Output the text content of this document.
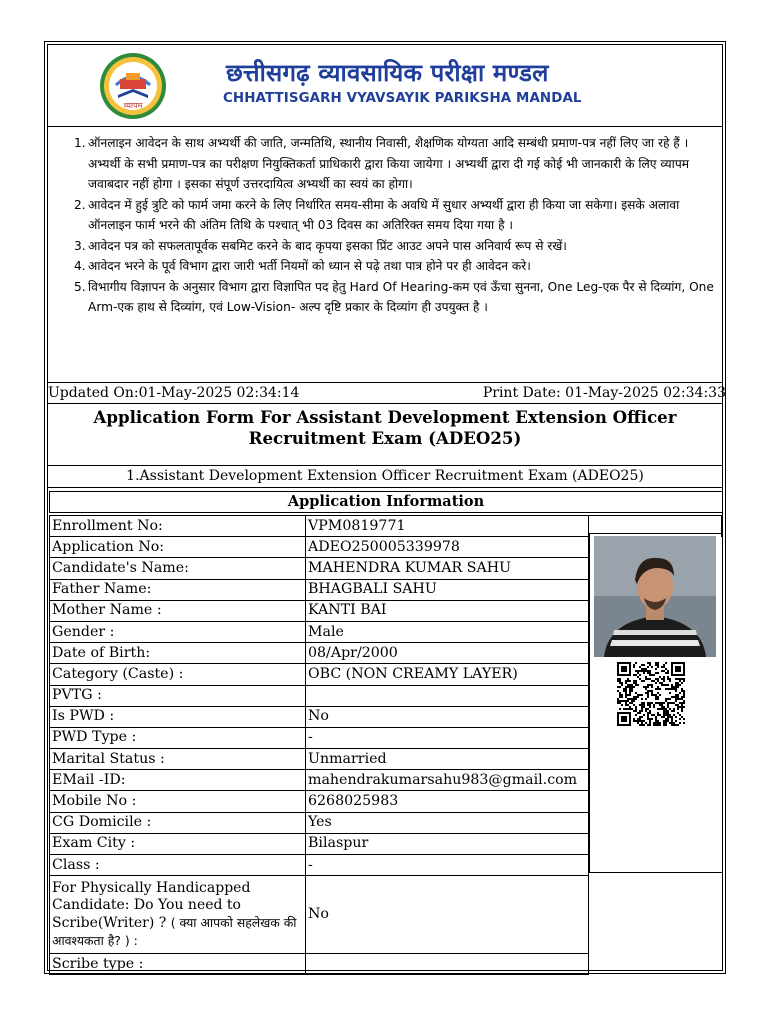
व्यापम
छत्तीसगढ़ व्यावसायिक परीक्षा मण्डल
CHHATTISGARH VYAVSAYIK PARIKSHA MANDAL
1. ऑनलाइन आवेदन के साथ अभ्यर्थी की जाति, जन्मतिथि, स्थानीय निवासी, शैक्षणिक योग्यता आदि सम्बंधी प्रमाण-पत्र नहीं लिए जा रहे हैं । अभ्यर्थी के सभी प्रमाण-पत्र का परीक्षण नियुक्तिकर्ता प्राधिकारी द्वारा किया जायेगा । अभ्यर्थी द्वारा दी गई कोई भी जानकारी के लिए व्यापम जवाबदार नहीं होगा । इसका संपूर्ण उत्तरदायित्व अभ्यर्थी का स्वयं का होगा।
2. आवेदन में हुई त्रुटि को फार्म जमा करने के लिए निर्धारित समय-सीमा के अवधि में सुधार अभ्यर्थी द्वारा ही किया जा सकेगा। इसके अलावा ऑनलाइन फार्म भरने की अंतिम तिथि के पश्चात् भी 03 दिवस का अतिरिक्त समय दिया गया है ।
3. आवेदन पत्र को सफलतापूर्वक सबमिट करने के बाद कृपया इसका प्रिंट आउट अपने पास अनिवार्य रूप से रखें।
4. आवेदन भरने के पूर्व विभाग द्वारा जारी भर्ती नियमों को ध्यान से पढ़े तथा पात्र होने पर ही आवेदन करे।
5. विभागीय विज्ञापन के अनुसार विभाग द्वारा विज्ञापित पद हेतु Hard Of Hearing-कम एवं ऊँचा सुनना, One Leg-एक पैर से दिव्यांग, One Arm-एक हाथ से दिव्यांग, एवं Low-Vision- अल्प दृष्टि प्रकार के दिव्यांग ही उपयुक्त है ।
Updated On:01-May-2025 02:34:14	Print Date: 01-May-2025 02:34:33
Application Form For Assistant Development Extension Officer Recruitment Exam (ADEO25)
1.Assistant Development Extension Officer Recruitment Exam (ADEO25)
Application Information
Enrollment No:	VPM0819771	
Application No:	ADEO250005339978	
Candidate's Name:	MAHENDRA KUMAR SAHU	
Father Name:	BHAGBALI SAHU	
Mother Name :	KANTI BAI	
Gender :	Male	
Date of Birth:	08/Apr/2000	
Category (Caste) :	OBC (NON CREAMY LAYER)	
PVTG :		
Is PWD :	No	
PWD Type :	-	
Marital Status :	Unmarried	
EMail -ID:	mahendrakumarsahu983@gmail.com	
Mobile No :	6268025983	
CG Domicile :	Yes	
Exam City :	Bilaspur	
Class :	-	
For Physically Handicapped Candidate: Do You need to Scribe(Writer) ? ( क्या आपको सहलेखक की आवश्यकता है? ) :	No	
Scribe type :		
